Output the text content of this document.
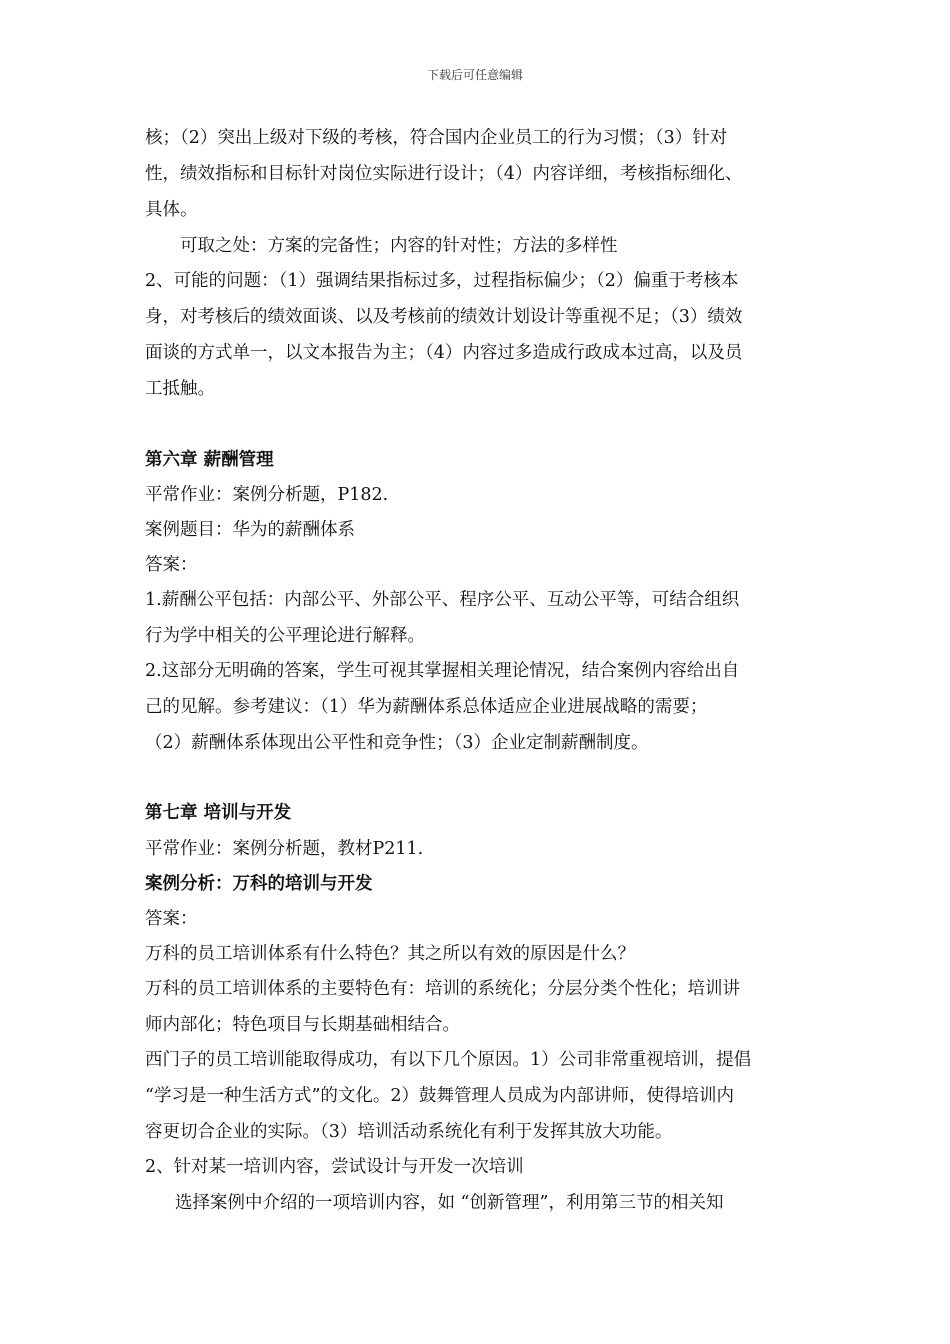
下载后可任意编辑
核；（2）突出上级对下级的考核，符合国内企业员工的行为习惯；（3）针对
性，绩效指标和目标针对岗位实际进行设计；（4）内容详细，考核指标细化、
具体。
可取之处：方案的完备性；内容的针对性；方法的多样性
2、可能的问题：（1）强调结果指标过多，过程指标偏少；（2）偏重于考核本
身，对考核后的绩效面谈、以及考核前的绩效计划设计等重视不足；（3）绩效
面谈的方式单一，以文本报告为主；（4）内容过多造成行政成本过高，以及员
工抵触。
第六章 薪酬管理
平常作业：案例分析题，P182.
案例题目：华为的薪酬体系
答案：
1.薪酬公平包括：内部公平、外部公平、程序公平、互动公平等，可结合组织
行为学中相关的公平理论进行解释。
2.这部分无明确的答案，学生可视其掌握相关理论情况，结合案例内容给出自
己的见解。参考建议：（1）华为薪酬体系总体适应企业进展战略的需要；
（2）薪酬体系体现出公平性和竞争性；（3）企业定制薪酬制度。
第七章 培训与开发
平常作业：案例分析题，教材P211.
案例分析：万科的培训与开发
答案：
万科的员工培训体系有什么特色？其之所以有效的原因是什么？
万科的员工培训体系的主要特色有：培训的系统化；分层分类个性化；培训讲
师内部化；特色项目与长期基础相结合。
西门子的员工培训能取得成功，有以下几个原因。1）公司非常重视培训，提倡
“学习是一种生活方式”的文化。2）鼓舞管理人员成为内部讲师，使得培训内
容更切合企业的实际。（3）培训活动系统化有利于发挥其放大功能。
2、针对某一培训内容，尝试设计与开发一次培训
选择案例中介绍的一项培训内容，如 “创新管理”，利用第三节的相关知
